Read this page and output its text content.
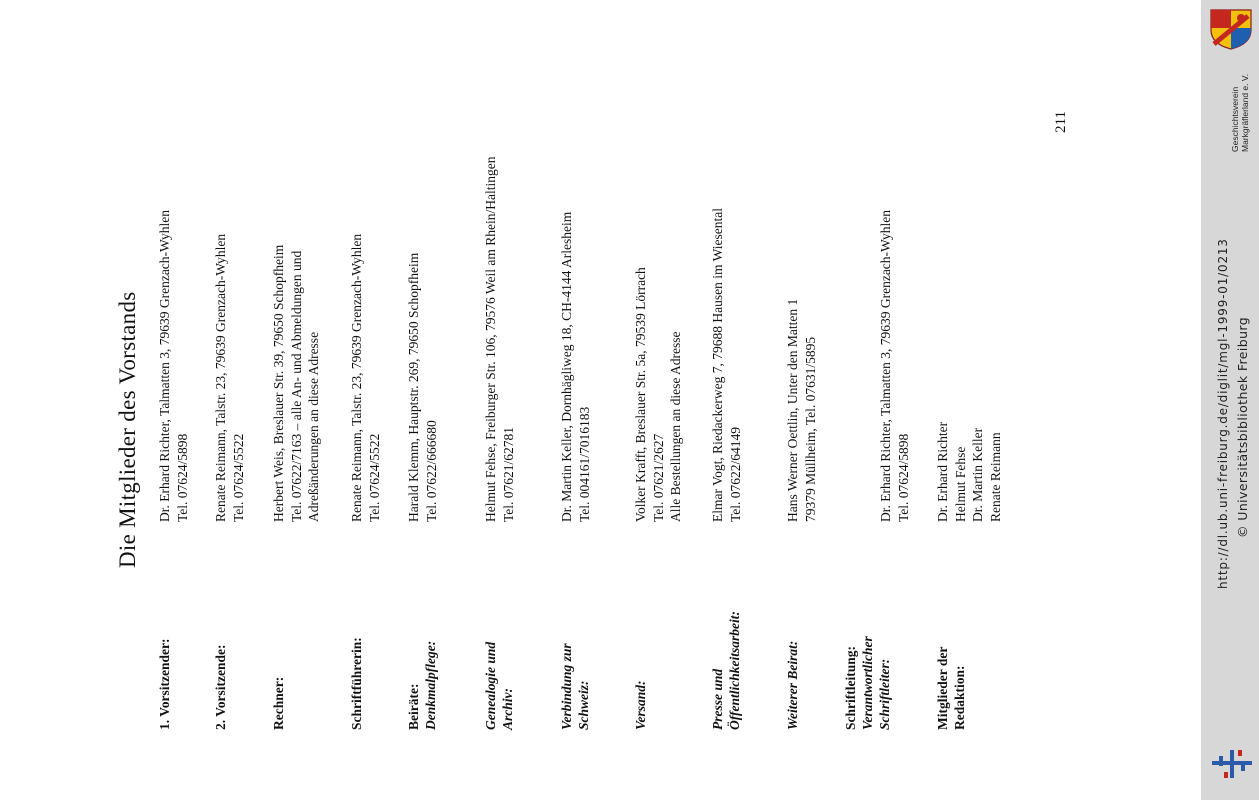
Die Mitglieder des Vorstands
211
1. Vorsitzender:
Dr. Erhard Richter, Talmatten 3, 79639 Grenzach-Wyhlen Tel. 07624/5898
2. Vorsitzende:
Renate Reimann, Talstr. 23, 79639 Grenzach-Wyhlen Tel. 07624/5522
Rechner:
Herbert Weis, Breslauer Str. 39, 79650 Schopfheim Tel. 07622/7163 – alle An- und Abmeldungen und Adreßänderungen an diese Adresse
Schriftführerin:
Renate Reimann, Talstr. 23, 79639 Grenzach-Wyhlen Tel. 07624/5522
Beiräte: Denkmalpflege:
Harald Klemm, Hauptstr. 269, 79650 Schopfheim Tel. 07622/666680
Genealogie und Archiv:
Helmut Fehse, Freiburger Str. 106, 79576 Weil am Rhein/Haltingen Tel. 07621/62781
Verbindung zur Schweiz:
Dr. Martin Keller, Dornhägliweg 18, CH-4144 Arlesheim Tel. 004161/7016183
Versand:
Volker Krafft, Breslauer Str. 5a, 79539 Lörrach Tel. 07621/2627 Alle Bestellungen an diese Adresse
Presse und Öffentlichkeitsarbeit:
Elmar Vogt, Riedackerweg 7, 79688 Hausen im Wiesental Tel. 07622/64149
Weiterer Beirat:
Hans Werner Oettlin, Unter den Matten 1 79379 Müllheim, Tel. 07631/5895
Schriftleitung: Verantwortlicher Schriftleiter:
Dr. Erhard Richter, Talmatten 3, 79639 Grenzach-Wyhlen Tel. 07624/5898
Mitglieder der Redaktion:
Dr. Erhard Richter Helmut Fehse Dr. Martin Keller Renate Reimann	http://dl.ub.uni-freiburg.de/diglit/mgl-1999-01/0213 © Universitätsbibliothek Freiburg
Geschichtsverein Markgräflerland e. V.
